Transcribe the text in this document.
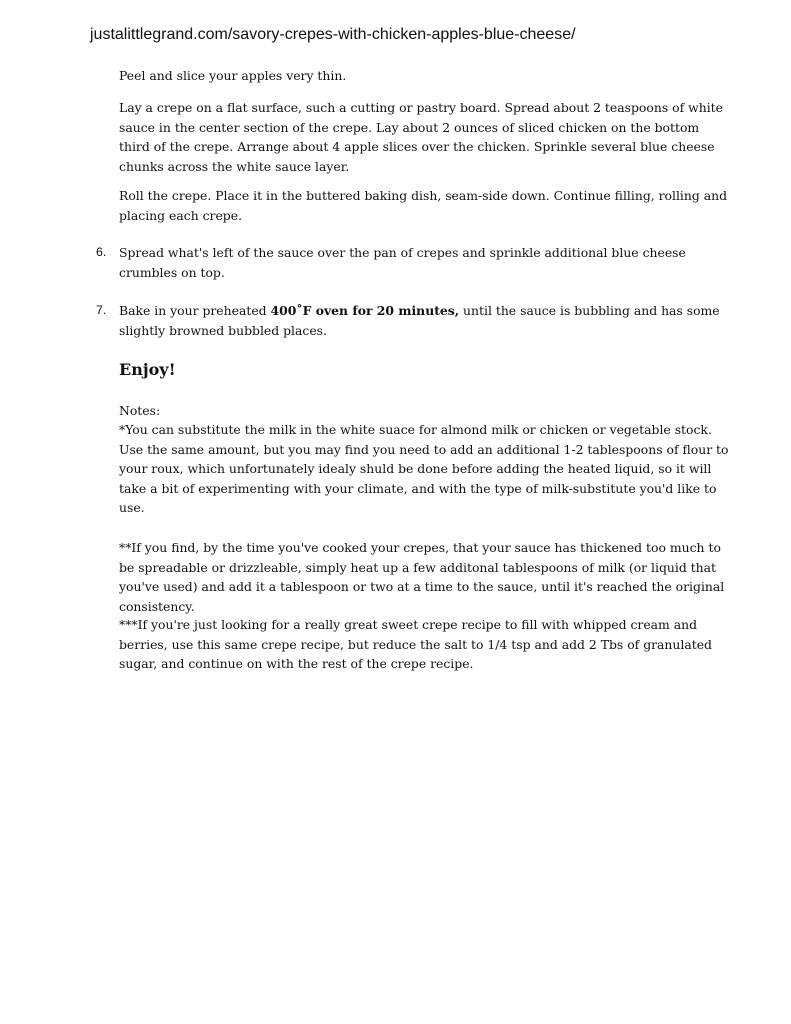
justalittlegrand.com/savory-crepes-with-chicken-apples-blue-cheese/

Peel and slice your apples very thin.

Lay a crepe on a flat surface, such a cutting or pastry board. Spread about 2 teaspoons of white sauce in the center section of the crepe. Lay about 2 ounces of sliced chicken on the bottom third of the crepe. Arrange about 4 apple slices over the chicken. Sprinkle several blue cheese chunks across the white sauce layer.

Roll the crepe. Place it in the buttered baking dish, seam-side down. Continue filling, rolling and placing each crepe.

6. Spread what's left of the sauce over the pan of crepes and sprinkle additional blue cheese crumbles on top.
7. Bake in your preheated 400˚F oven for 20 minutes, until the sauce is bubbling and has some slightly browned bubbled places.
Enjoy!

Notes:

*You can substitute the milk in the white suace for almond milk or chicken or vegetable stock. Use the same amount, but you may find you need to add an additional 1-2 tablespoons of flour to your roux, which unfortunately idealy shuld be done before adding the heated liquid, so it will take a bit of experimenting with your climate, and with the type of milk-substitute you'd like to use.

**If you find, by the time you've cooked your crepes, that your sauce has thickened too much to be spreadable or drizzleable, simply heat up a few additonal tablespoons of milk (or liquid that you've used) and add it a tablespoon or two at a time to the sauce, until it's reached the original consistency.

***If you're just looking for a really great sweet crepe recipe to fill with whipped cream and berries, use this same crepe recipe, but reduce the salt to 1/4 tsp and add 2 Tbs of granulated sugar, and continue on with the rest of the crepe recipe.
